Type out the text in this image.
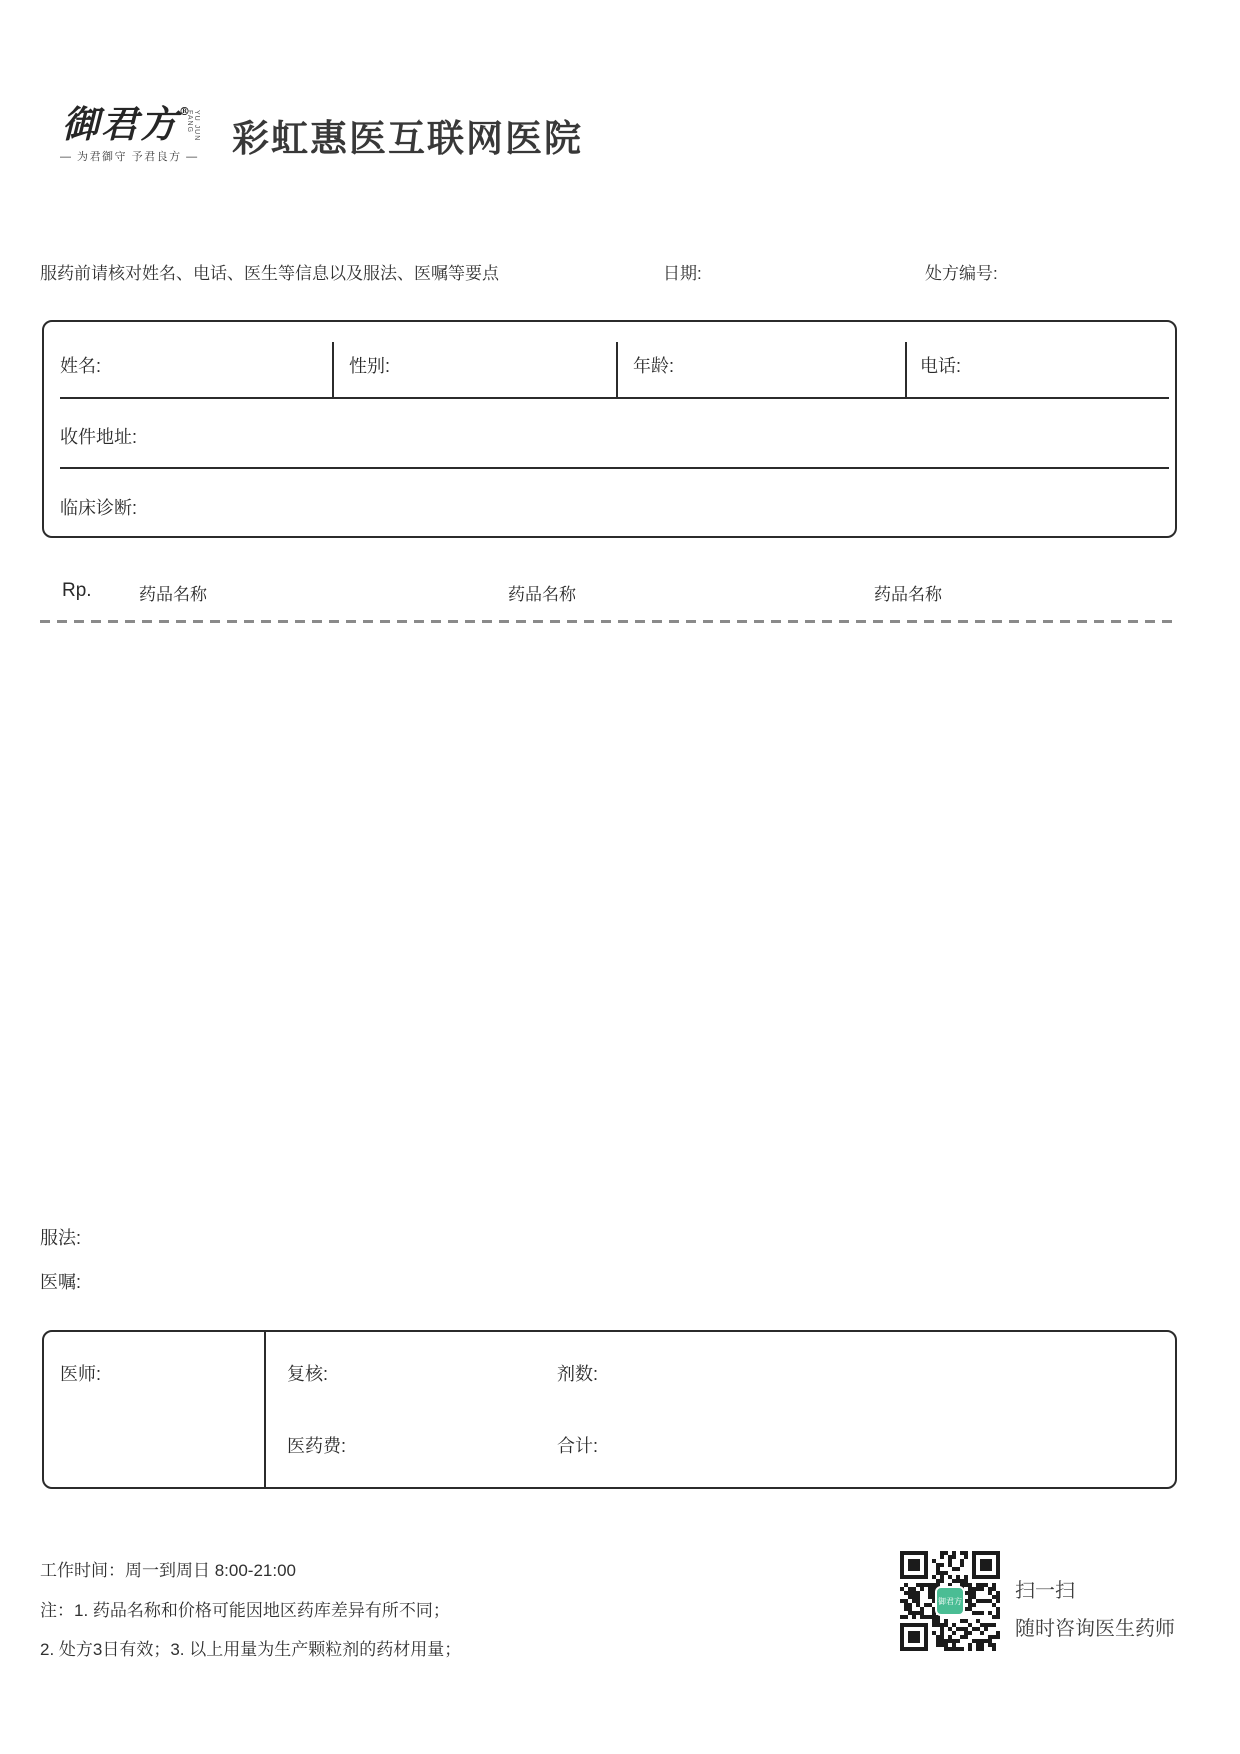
御君方® YU JUN FANG
— 为君御守 予君良方 — 彩虹惠医互联网医院
服药前请核对姓名、电话、医生等信息以及服法、医嘱等要点	日期:	处方编号:
姓名:	性别:	年龄:	电话:
收件地址:
临床诊断:
Rp.	药品名称	药品名称	药品名称
服法:
医嘱:
医师:	复核:	剂数:
医药费:	合计:
工作时间：周一到周日 8:00-21:00
注：1. 药品名称和价格可能因地区药库差异有所不同；
2. 处方3日有效；3. 以上用量为生产颗粒剂的药材用量；
御君方	扫一扫
随时咨询医生药师
